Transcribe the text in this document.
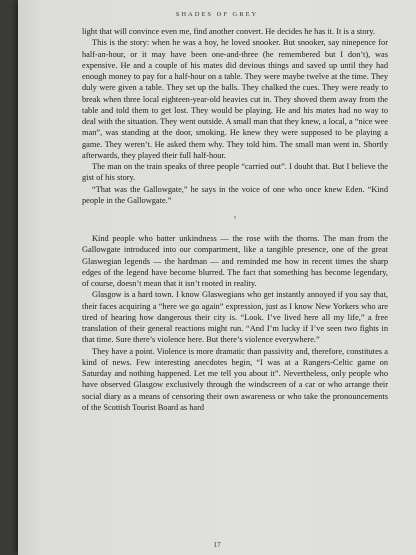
SHADES OF GREY

light that will convince even me, find another convert. He decides he has it. It is a story.

This is the story: when he was a boy, he loved snooker. But snooker, say ninepence for half-an-hour, or it may have been one-and-three (he remembered but I don’t), was expensive. He and a couple of his mates did devious things and saved up until they had enough money to pay for a half-hour on a table. They were maybe twelve at the time. They duly were given a table. They set up the balls. They chalked the cues. They were ready to break when three local eighteen-year-old heavies cut in. They shoved them away from the table and told them to get lost. They would be playing. He and his mates had no way to deal with the situation. They went outside. A small man that they knew, a local, a “nice wee man”, was standing at the door, smoking. He knew they were supposed to be playing a game. They weren’t. He asked them why. They told him. The small man went in. Shortly afterwards, they played their full half-hour.

The man on the train speaks of three people “carried out”. I doubt that. But I believe the gist of his story.

“That was the Gallowgate,” he says in the voice of one who once knew Eden. “Kind people in the Gallowgate.”

°

Kind people who batter unkindness — the rose with the thorns. The man from the Gallowgate introduced into our compartment, like a tangible presence, one of the great Glaswegian legends — the hardman — and reminded me how in recent times the sharp edges of the legend have become blurred. The fact that something has become legendary, of course, doesn’t mean that it isn’t rooted in reality.

Glasgow is a hard town. I know Glaswegians who get instantly annoyed if you say that, their faces acquiring a “here we go again” expression, just as I know New Yorkers who are tired of hearing how dangerous their city is. “Look. I’ve lived here all my life,” a free translation of their general reactions might run. “And I’m lucky if I’ve seen two fights in that time. Sure there’s violence here. But there’s violence everywhere.”

They have a point. Violence is more dramatic than passivity and, therefore, constitutes a kind of news. Few interesting anecdotes begin, “I was at a Rangers-Celtic game on Saturday and nothing happened. Let me tell you about it”. Nevertheless, only people who have observed Glasgow exclusively through the windscreen of a car or who arrange their social diary as a means of censoring their own awareness or who take the pronouncements of the Scottish Tourist Board as hard

17
